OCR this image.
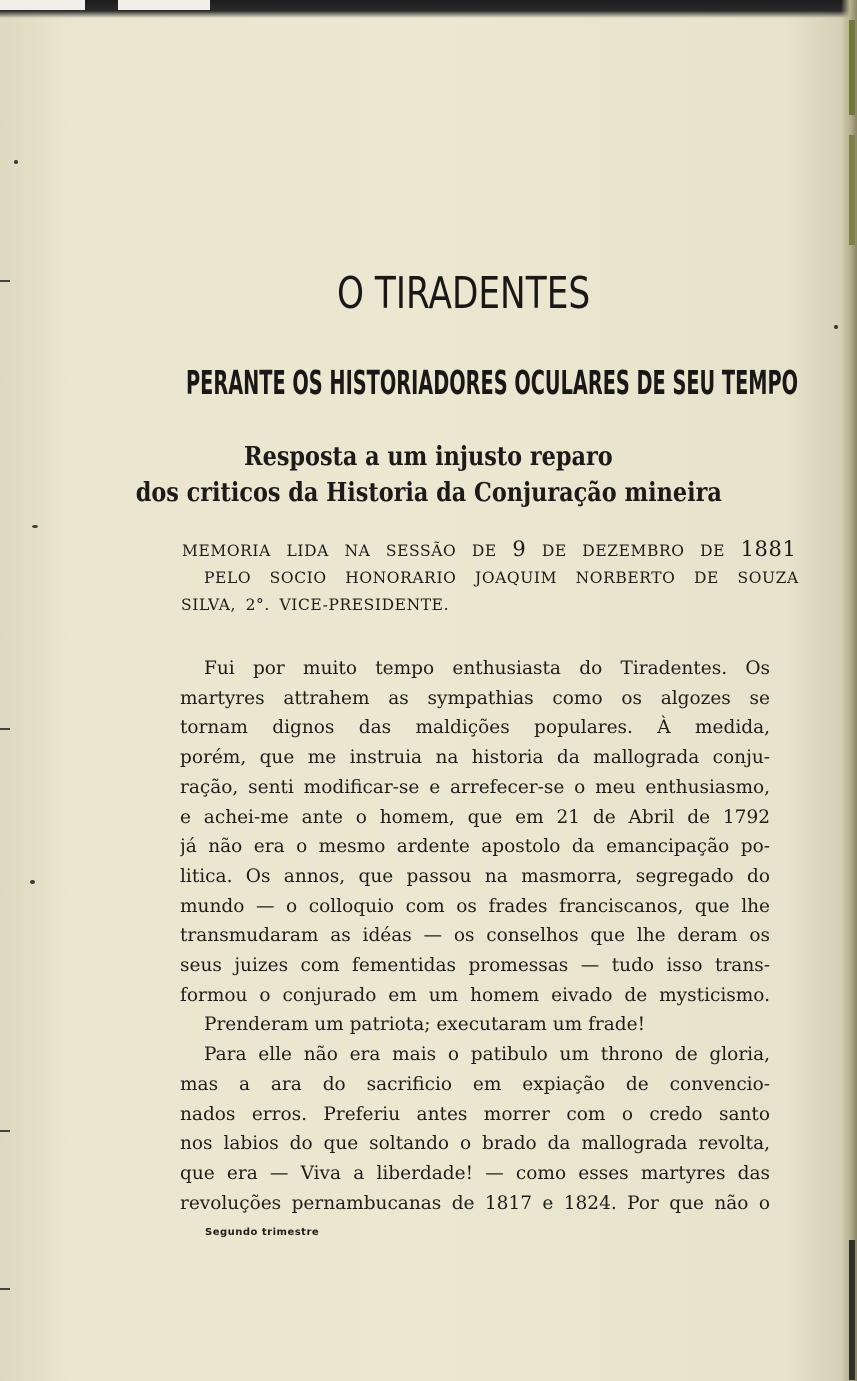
O TIRADENTES
PERANTE OS HISTORIADORES OCULARES DE SEU TEMPO
Resposta a um injusto reparo
dos criticos da Historia da Conjuração mineira
MEMORIA LIDA NA SESSÃO DE 9 DE DEZEMBRO DE 1881
PELO SOCIO HONORARIO JOAQUIM NORBERTO DE SOUZA
SILVA, 2°. VICE-PRESIDENTE.
Fui por muito tempo enthusiasta do Tiradentes. Os
martyres attrahem as sympathias como os algozes se
tornam dignos das maldições populares. À medida,
porém, que me instruia na historia da mallograda conju-
ração, senti modificar-se e arrefecer-se o meu enthusiasmo,
e achei-me ante o homem, que em 21 de Abril de 1792
já não era o mesmo ardente apostolo da emancipação po-
litica. Os annos, que passou na masmorra, segregado do
mundo — o colloquio com os frades franciscanos, que lhe
transmudaram as idéas — os conselhos que lhe deram os
seus juizes com fementidas promessas — tudo isso trans-
formou o conjurado em um homem eivado de mysticismo.
Prenderam um patriota; executaram um frade!
Para elle não era mais o patibulo um throno de gloria,
mas a ara do sacrificio em expiação de convencio-
nados erros. Preferiu antes morrer com o credo santo
nos labios do que soltando o brado da mallograda revolta,
que era — Viva a liberdade! — como esses martyres das
revoluções pernambucanas de 1817 e 1824. Por que não o
Segundo trimestre
